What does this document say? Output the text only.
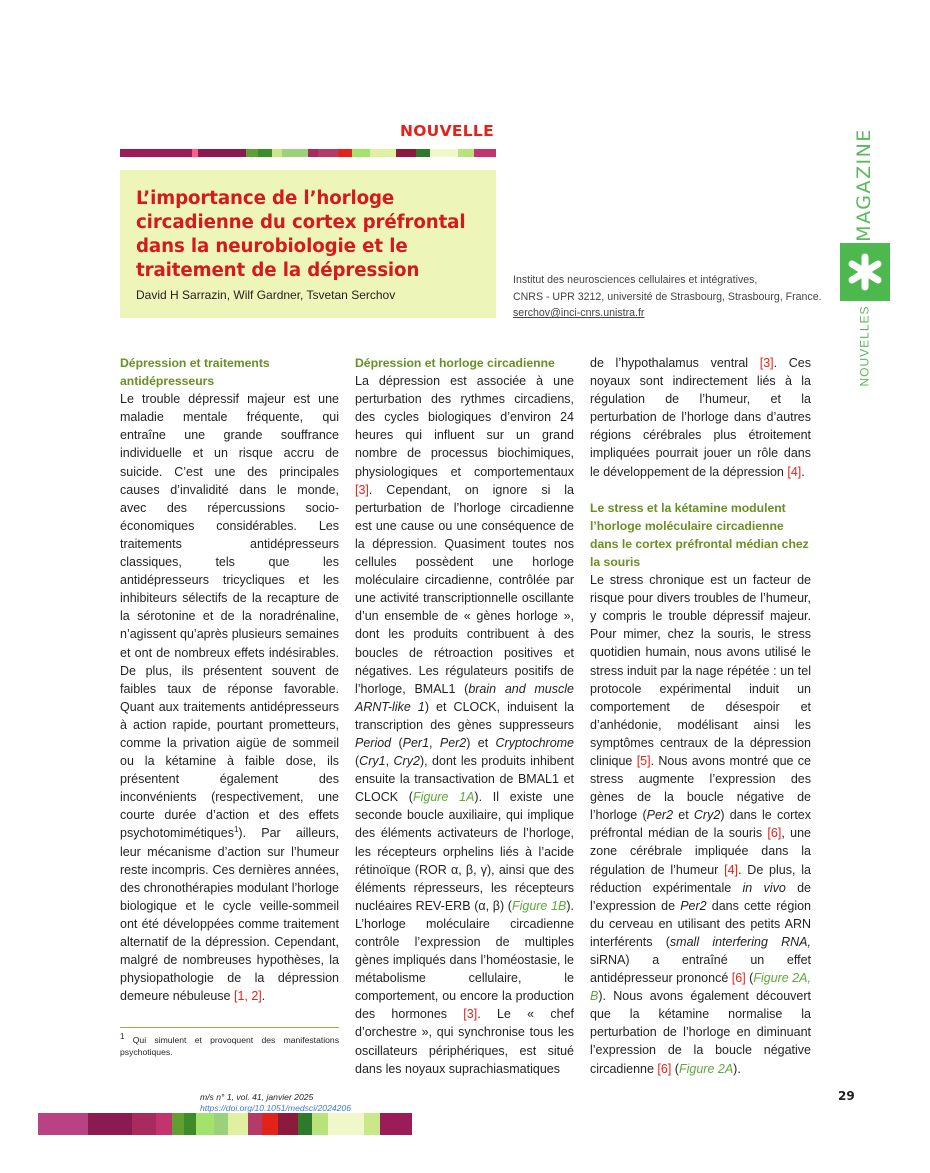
NOUVELLE
L’importance de l’horloge circadienne du cortex préfrontal dans la neurobiologie et le traitement de la dépression
David H Sarrazin, Wilf Gardner, Tsvetan Serchov
Institut des neurosciences cellulaires et intégratives,
CNRS - UPR 3212, université de Strasbourg, Strasbourg, France.
serchov@inci-cnrs.unistra.fr
MAGAZINE
NOUVELLES
Dépression et traitements antidépresseurs

Le trouble dépressif majeur est une maladie mentale fréquente, qui entraîne une grande souffrance individuelle et un risque accru de suicide. C’est une des principales causes d’invalidité dans le monde, avec des répercussions socio-économiques considérables. Les traitements antidépresseurs classiques, tels que les antidépresseurs tricycliques et les inhibiteurs sélectifs de la recapture de la sérotonine et de la noradrénaline, n’agissent qu’après plusieurs semaines et ont de nombreux effets indésirables. De plus, ils présentent souvent de faibles taux de réponse favorable. Quant aux traitements antidépresseurs à action rapide, pourtant prometteurs, comme la privation aigüe de sommeil ou la kétamine à faible dose, ils présentent également des inconvénients (respectivement, une courte durée d’action et des effets psychotomimétiques$^1$). Par ailleurs, leur mécanisme d’action sur l’humeur reste incompris. Ces dernières années, des chronothérapies modulant l’horloge biologique et le cycle veille-sommeil ont été développées comme traitement alternatif de la dépression. Cependant, malgré de nombreuses hypothèses, la physiopathologie de la dépression demeure nébuleuse [1, 2].

$^1$ Qui simulent et provoquent des manifestations psychotiques.
Dépression et horloge circadienne

La dépression est associée à une perturbation des rythmes circadiens, des cycles biologiques d’environ 24 heures qui influent sur un grand nombre de processus biochimiques, physiologiques et comportementaux [3]. Cependant, on ignore si la perturbation de l’horloge circadienne est une cause ou une conséquence de la dépression. Quasiment toutes nos cellules possèdent une horloge moléculaire circadienne, contrôlée par une activité transcriptionnelle oscillante d’un ensemble de « gènes horloge », dont les produits contribuent à des boucles de rétroaction positives et négatives. Les régulateurs positifs de l’horloge, BMAL1 (brain and muscle ARNT-like 1) et CLOCK, induisent la transcription des gènes suppresseurs Period (Per1, Per2) et Cryptochrome (Cry1, Cry2), dont les produits inhibent ensuite la transactivation de BMAL1 et CLOCK (Figure 1A). Il existe une seconde boucle auxiliaire, qui implique des éléments activateurs de l’horloge, les récepteurs orphelins liés à l’acide rétinoïque (ROR α, β, γ), ainsi que des éléments répresseurs, les récepteurs nucléaires REV-ERB (α, β) (Figure 1B). L’horloge moléculaire circadienne contrôle l’expression de multiples gènes impliqués dans l’homéostasie, le métabolisme cellulaire, le comportement, ou encore la production des hormones [3]. Le « chef d’orchestre », qui synchronise tous les oscillateurs périphériques, est situé dans les noyaux suprachiasmatiques

de l’hypothalamus ventral [3]. Ces noyaux sont indirectement liés à la régulation de l’humeur, et la perturbation de l’horloge dans d’autres régions cérébrales plus étroitement impliquées pourrait jouer un rôle dans le développement de la dépression [4].

Le stress et la kétamine modulent l’horloge moléculaire circadienne dans le cortex préfrontal médian chez la souris

Le stress chronique est un facteur de risque pour divers troubles de l’humeur, y compris le trouble dépressif majeur. Pour mimer, chez la souris, le stress quotidien humain, nous avons utilisé le stress induit par la nage répétée : un tel protocole expérimental induit un comportement de désespoir et d’anhédonie, modélisant ainsi les symptômes centraux de la dépression clinique [5]. Nous avons montré que ce stress augmente l’expression des gènes de la boucle négative de l’horloge (Per2 et Cry2) dans le cortex préfrontal médian de la souris [6], une zone cérébrale impliquée dans la régulation de l’humeur [4]. De plus, la réduction expérimentale in vivo de l’expression de Per2 dans cette région du cerveau en utilisant des petits ARN interférents (small interfering RNA, siRNA) a entraîné un effet antidépresseur prononcé [6] (Figure 2A, B). Nous avons également découvert que la kétamine normalise la perturbation de l’horloge en diminuant l’expression de la boucle négative circadienne [6] (Figure 2A).

m/s n° 1, vol. 41, janvier 2025
https://doi.org/10.1051/medsci/2024206
29
